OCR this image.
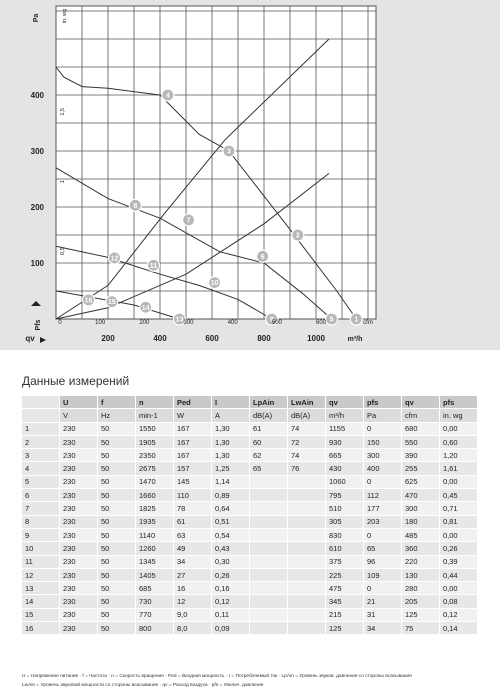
1
2
3
4
5
6
7
8
9
10
11
12
13
14
15
16
100
200
300
400
0,5
1
1,5
Pa	in. wg
Pfs	0	100	200	300	400	500	600	cfm
qv	200	400	600	800	1000	m³/h
Данные измерений
	U	f	n	Ped	I	LpAin	LwAin	qv	pfs	qv	pfs
	V	Hz	min-1	W	A	dB(A)	dB(A)	m³/h	Pa	cfm	in. wg
1	230	50	1550	167	1,30	61	74	1155	0	680	0,00
2	230	50	1905	167	1,30	60	72	930	150	550	0,60
3	230	50	2350	167	1,30	62	74	665	300	390	1,20
4	230	50	2675	157	1,25	65	76	430	400	255	1,61
5	230	50	1470	145	1,14			1060	0	625	0,00
6	230	50	1660	110	0,89			795	112	470	0,45
7	230	50	1825	78	0,64			510	177	300	0,71
8	230	50	1935	61	0,51			305	203	180	0,81
9	230	50	1140	63	0,54			830	0	485	0,00
10	230	50	1260	49	0,43			610	65	360	0,26
11	230	50	1345	34	0,30			375	96	220	0,39
12	230	50	1405	27	0,26			225	109	130	0,44
13	230	50	685	16	0,16			475	0	280	0,00
14	230	50	730	12	0,12			345	21	205	0,08
15	230	50	770	9,0	0,11			215	31	125	0,12
16	230	50	800	8,0	0,09			125	34	75	0,14
U = Напряжение питания · f = Частота · n = Скорость вращения · Ped = Входная мощность · I = Потребляемый ток · LpAin = Уровень звуков. давления со стороны всасывания
LwAin = Уровень звуковой мощности со стороны всасывания · qv = Расход воздуха · pfs = Увелич. давления
